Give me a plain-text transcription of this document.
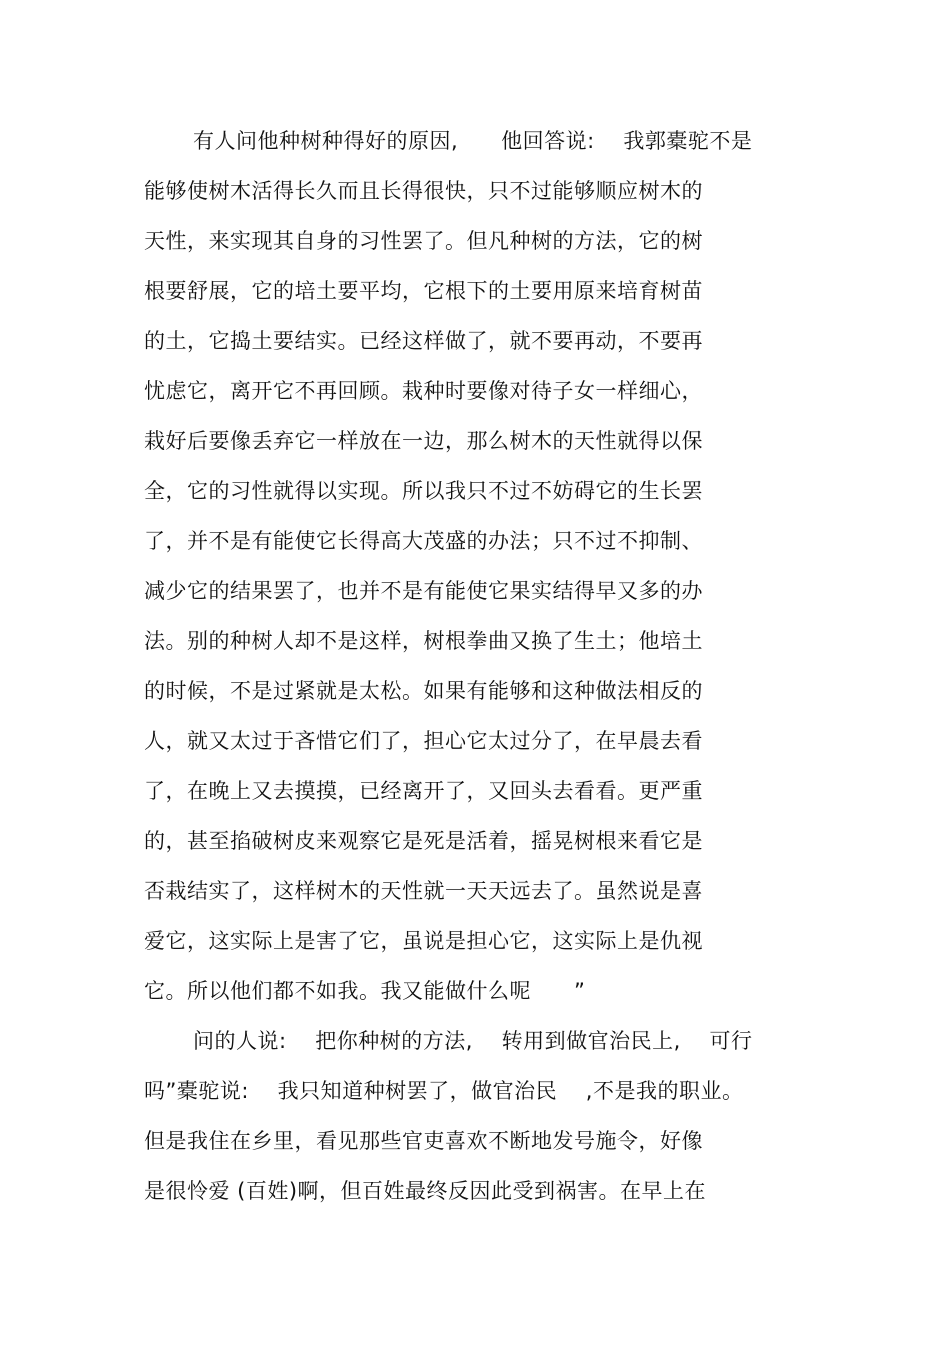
有人问他种树种得好的原因,　　他回答说:　 我郭橐驼不是
能够使树木活得长久而且长得很快，只不过能够顺应树木的
天性，来实现其自身的习性罢了。但凡种树的方法，它的树
根要舒展，它的培土要平均，它根下的土要用原来培育树苗
的土，它捣土要结实。已经这样做了，就不要再动，不要再
忧虑它，离开它不再回顾。栽种时要像对待子女一样细心，
栽好后要像丢弃它一样放在一边，那么树木的天性就得以保
全，它的习性就得以实现。所以我只不过不妨碍它的生长罢
了，并不是有能使它长得高大茂盛的办法；只不过不抑制、
减少它的结果罢了，也并不是有能使它果实结得早又多的办
法。别的种树人却不是这样，树根拳曲又换了生土；他培土
的时候，不是过紧就是太松。如果有能够和这种做法相反的
人，就又太过于吝惜它们了，担心它太过分了，在早晨去看
了，在晚上又去摸摸，已经离开了，又回头去看看。更严重
的，甚至掐破树皮来观察它是死是活着，摇晃树根来看它是
否栽结实了，这样树木的天性就一天天远去了。虽然说是喜
爱它，这实际上是害了它，虽说是担心它，这实际上是仇视
它。所以他们都不如我。我又能做什么呢　　”
问的人说:　 把你种树的方法,　 转用到做官治民上,　 可行
吗”橐驼说:　 我只知道种树罢了，做官治民　 ,不是我的职业。
但是我住在乡里，看见那些官吏喜欢不断地发号施令，好像
是很怜爱 (百姓)啊，但百姓最终反因此受到祸害。在早上在
